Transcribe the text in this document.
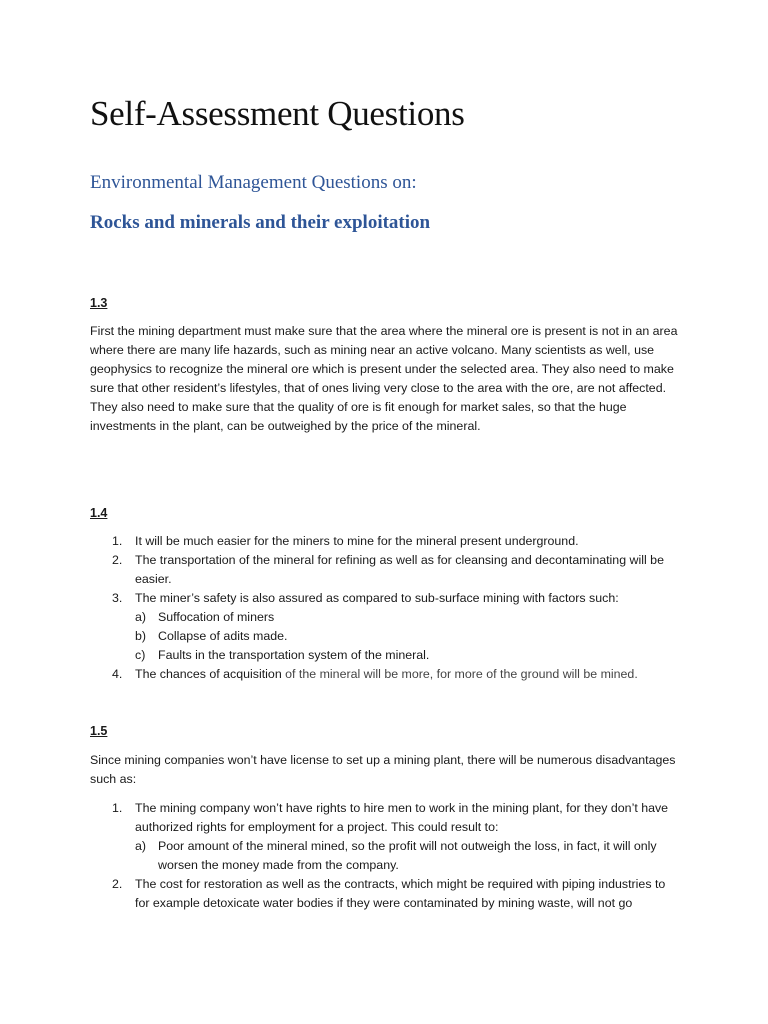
Self-Assessment Questions
Environmental Management Questions on:
Rocks and minerals and their exploitation
1.3

First the mining department must make sure that the area where the mineral ore is present is not in an area where there are many life hazards, such as mining near an active volcano. Many scientists as well, use geophysics to recognize the mineral ore which is present under the selected area. They also need to make sure that other resident’s lifestyles, that of ones living very close to the area with the ore, are not affected. They also need to make sure that the quality of ore is fit enough for market sales, so that the huge investments in the plant, can be outweighed by the price of the mineral.

1.4
1. It will be much easier for the miners to mine for the mineral present underground.
2. The transportation of the mineral for refining as well as for cleansing and decontaminating will be easier.
3. The miner’s safety is also assured as compared to sub-surface mining with factors such:
a) Suffocation of miners
b) Collapse of adits made.
c) Faults in the transportation system of the mineral.
4. The chances of acquisition of the mineral will be more, for more of the ground will be mined.
1.5

Since mining companies won’t have license to set up a mining plant, there will be numerous disadvantages such as:

1. The mining company won’t have rights to hire men to work in the mining plant, for they don’t have authorized rights for employment for a project. This could result to:
a) Poor amount of the mineral mined, so the profit will not outweigh the loss, in fact, it will only worsen the money made from the company.
2. The cost for restoration as well as the contracts, which might be required with piping industries to for example detoxicate water bodies if they were contaminated by mining waste, will not go
